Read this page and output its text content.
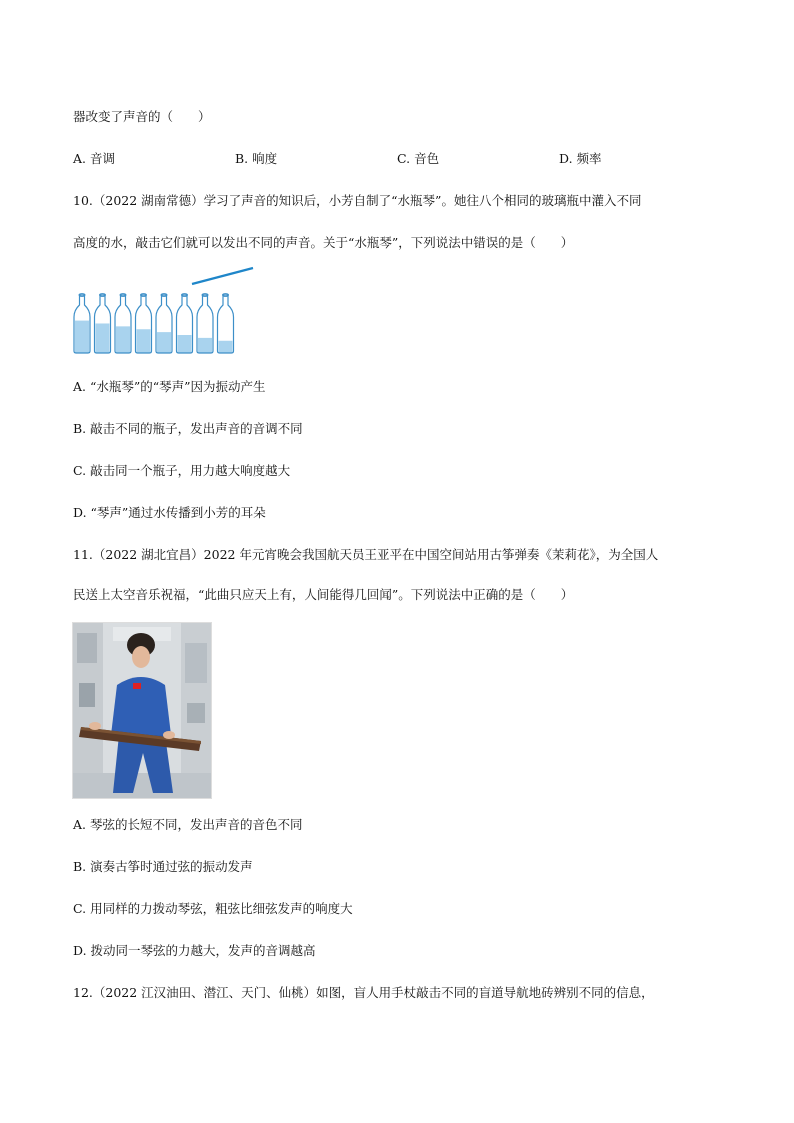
器改变了声音的（　　）
A. 音调	B. 响度	C. 音色	D. 频率
10.（2022 湖南常德）学习了声音的知识后，小芳自制了“水瓶琴”。她往八个相同的玻璃瓶中灌入不同
高度的水，敲击它们就可以发出不同的声音。关于“水瓶琴”，下列说法中错误的是（　　）
A. “水瓶琴”的“琴声”因为振动产生
B. 敲击不同的瓶子，发出声音的音调不同
C. 敲击同一个瓶子，用力越大响度越大
D. “琴声”通过水传播到小芳的耳朵
11.（2022 湖北宜昌）2022 年元宵晚会我国航天员王亚平在中国空间站用古筝弹奏《茉莉花》，为全国人
民送上太空音乐祝福，“此曲只应天上有，人间能得几回闻”。下列说法中正确的是（　　）
A. 琴弦的长短不同，发出声音的音色不同
B. 演奏古筝时通过弦的振动发声
C. 用同样的力拨动琴弦，粗弦比细弦发声的响度大
D. 拨动同一琴弦的力越大，发声的音调越高
12.（2022 江汉油田、潜江、天门、仙桃）如图，盲人用手杖敲击不同的盲道导航地砖辨别不同的信息，
